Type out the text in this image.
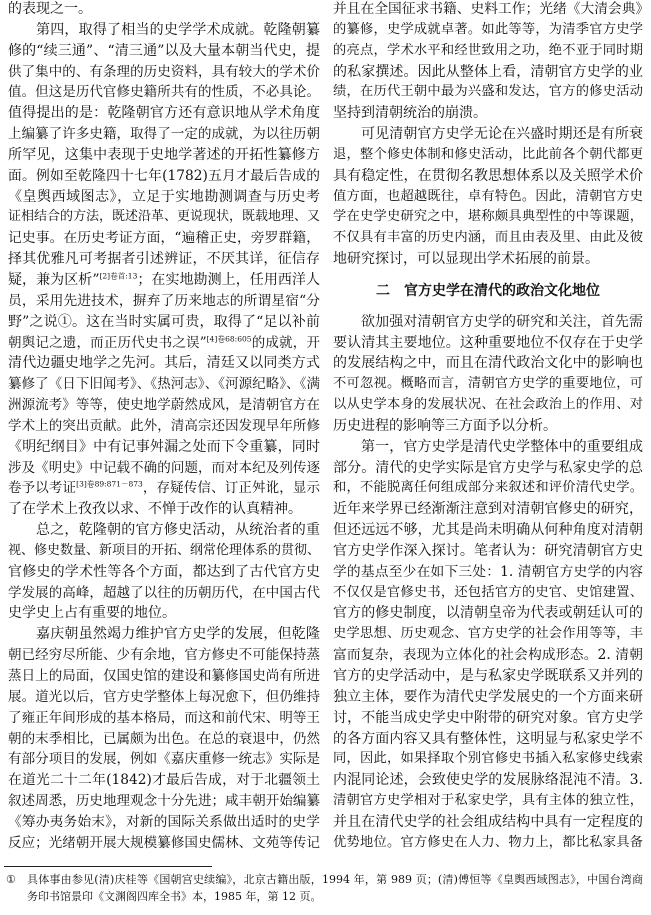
的表现之一。
第四，取得了相当的史学学术成就。乾隆朝纂
修的“续三通”、“清三通”以及大量本朝当代史，提
供了集中的、有条理的历史资料，具有较大的学术价
值。但这是历代官修史籍所共有的性质，不必具论。
值得提出的是：乾隆朝官方还有意识地从学术角度
上编纂了许多史籍，取得了一定的成就，为以往历朝
所罕见，这集中表现于史地学著述的开拓性纂修方
面。例如至乾隆四十七年(1782)五月才最后告成的
《皇舆西域图志》，立足于实地勘测调查与历史考
证相结合的方法，既述沿革、更说现状，既载地理、又
记史事。在历史考证方面，“遍稽正史，旁罗群籍，
择其优雅凡可考据者引述辨证，不厌其详，征信存
疑，兼为区析”$^{[2]卷首:13}$；在实地勘测上，任用西洋人
员，采用先进技术，摒弃了历来地志的所谓星宿“分
野”之说①。这在当时实属可贵，取得了“足以补前
朝舆记之遗，而正历代史书之误”$^{[4]卷68:605}$的成就，开
清代边疆史地学之先河。其后，清廷又以同类方式
纂修了《日下旧闻考》、《热河志》、《河源纪略》、《满
洲源流考》等等，使史地学蔚然成风，是清朝官方在
学术上的突出贡献。此外，清高宗还因发现早年所修
《明纪纲目》中有记事舛漏之处而下令重纂，同时
涉及《明史》中记载不确的问题，而对本纪及列传逐
卷予以考证$^{[3]卷89:871-873}$，存疑传信、订正舛讹，显示
了在学术上孜孜以求、不惮于改作的认真精神。
总之，乾隆朝的官方修史活动，从统治者的重
视、修史数量、新项目的开拓、纲常伦理体系的贯彻、
官修史的学术性等各个方面，都达到了古代官方史
学发展的高峰，超越了以往的历朝历代，在中国古代
史学史上占有重要的地位。
嘉庆朝虽然竭力维护官方史学的发展，但乾隆
朝已经穷尽所能、少有余地，官方修史不可能保持蒸
蒸日上的局面，仅国史馆的建设和纂修国史尚有所进
展。道光以后，官方史学整体上每况愈下，但仍维持
了雍正年间形成的基本格局，而这和前代宋、明等王
朝的末季相比，已属颇为出色。在总的衰退中，仍然
有部分项目的发展，例如《嘉庆重修一统志》实际是
在道光二十二年(1842)才最后告成，对于北疆领土
叙述周悉，历史地理观念十分先进；咸丰朝开始编纂
《筹办夷务始末》，对新的国际关系做出适时的史学
反应；光绪朝开展大规模纂修国史儒林、文苑等传记
并且在全国征求书籍、史料工作；光绪《大清会典》
的纂修，史学成就卓著。如此等等，为清季官方史学
的亮点，学术水平和经世致用之功，绝不亚于同时期
的私家撰述。因此从整体上看，清朝官方史学的业
绩，在历代王朝中最为兴盛和发达，官方的修史活动
坚持到清朝统治的崩溃。
可见清朝官方史学无论在兴盛时期还是有所衰
退，整个修史体制和修史活动，比此前各个朝代都更
具有稳定性，在贯彻名教思想体系以及关照学术价
值方面，也超越既往，卓有特色。因此，清朝官方史
学在史学史研究之中，堪称颇具典型性的中等课题，
不仅具有丰富的历史内涵，而且由表及里、由此及彼
地研究探讨，可以显现出学术拓展的前景。
二 官方史学在清代的政治文化地位
欲加强对清朝官方史学的研究和关注，首先需
要认清其主要地位。这种重要地位不仅存在于史学
的发展结构之中，而且在清代政治文化中的影响也
不可忽视。概略而言，清朝官方史学的重要地位，可
以从史学本身的发展状况、在社会政治上的作用、对
历史进程的影响等三方面予以分析。
第一，官方史学是清代史学整体中的重要组成
部分。清代的史学实际是官方史学与私家史学的总
和，不能脱离任何组成部分来叙述和评价清代史学。
近年来学界已经渐渐注意到对清朝官修史的研究，
但还远远不够，尤其是尚未明确从何种角度对清朝
官方史学作深入探讨。笔者认为：研究清朝官方史
学的基点至少在如下三处：1. 清朝官方史学的内容
不仅仅是官修史书，还包括官方的史官、史馆建置、
官方的修史制度，以清朝皇帝为代表或朝廷认可的
史学思想、历史观念、官方史学的社会作用等等，丰
富而复杂，表现为立体化的社会构成形态。2. 清朝
官方的史学活动中，是与私家史学既联系又并列的
独立主体，要作为清代史学发展史的一个方面来研
讨，不能当成史学史中附带的研究对象。官方史学
的各方面内容又具有整体性，这明显与私家史学不
同，因此，如果择取个别官修史书插入私家修史线索
内混同论述，会致使史学的发展脉络混沌不清。3.
清朝官方史学相对于私家史学，具有主体的独立性，
并且在清代史学的社会组成结构中具有一定程度的
优势地位。官方修史在人力、物力上，都比私家具备
① 具体事由参见(清)庆桂等《国朝宫史续编》，北京古籍出版，1994 年，第 989 页；(清)傅恒等《皇舆西域图志》，中国台湾商
务印书馆景印《文渊阁四库全书》本，1985 年，第 12 页。
